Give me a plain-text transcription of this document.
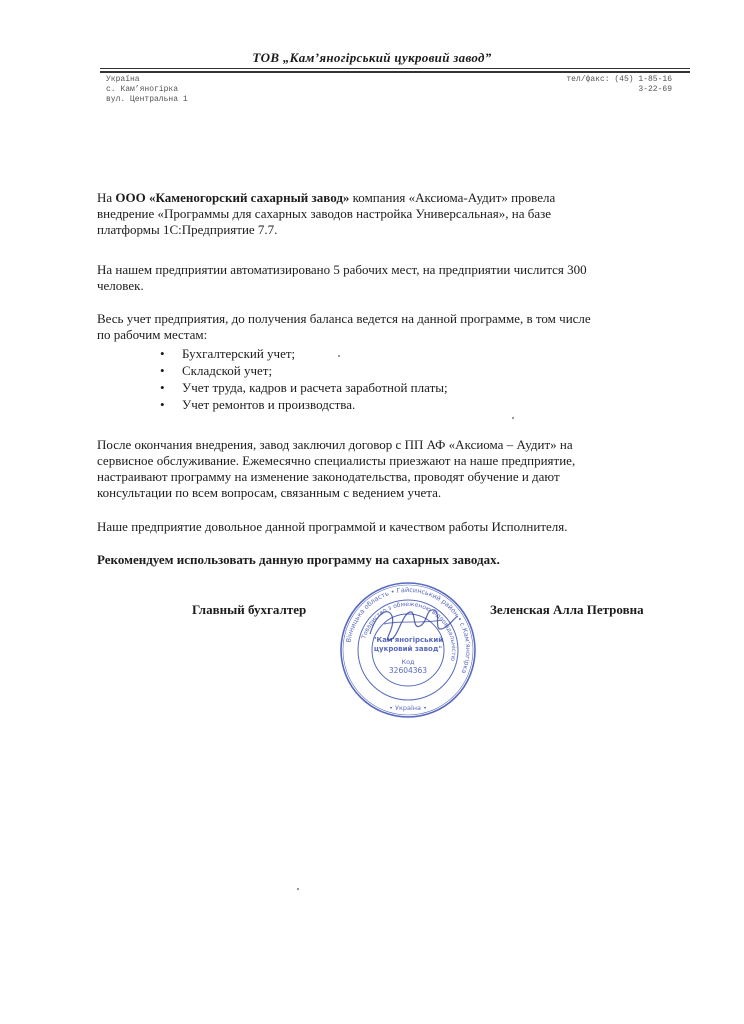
ТОВ „Кам’яногірський цукровий завод”
Україна
с. Кам’яногірка
вул. Центральна 1
тел/факс: (45) 1-85-16
3-22-69
На ООО «Каменогорский сахарный завод» компания «Аксиома-Аудит» провела
внедрение «Программы для сахарных заводов настройка Универсальная», на базе
платформы 1С:Предприятие 7.7.
На нашем предприятии автоматизировано 5 рабочих мест, на предприятии числится 300
человек.
Весь учет предприятия, до получения баланса ведется на данной программе, в том числе
по рабочим местам:
• Бухгалтерский учет;
• Складской учет;
• Учет труда, кадров и расчета заработной платы;
• Учет ремонтов и производства.
После окончания внедрения, завод заключил договор с ПП АФ «Аксиома – Аудит» на
сервисное обслуживание. Ежемесячно специалисты приезжают на наше предприятие,
настраивают программу на изменение законодательства, проводят обучение и дают
консультации по всем вопросам, связанным с ведением учета.
Наше предприятие довольное данной программой и качеством работы Исполнителя.
Рекомендуем использовать данную программу на сахарных заводах.
Главный бухгалтер	Зеленская Алла Петровна
Вінницька область • Гайсинський район • с.Кам'яногірка
Товариство з обмеженою відповідальністю
"Кам'яногірський
цукровий завод"
Код
32604363
• Україна •
